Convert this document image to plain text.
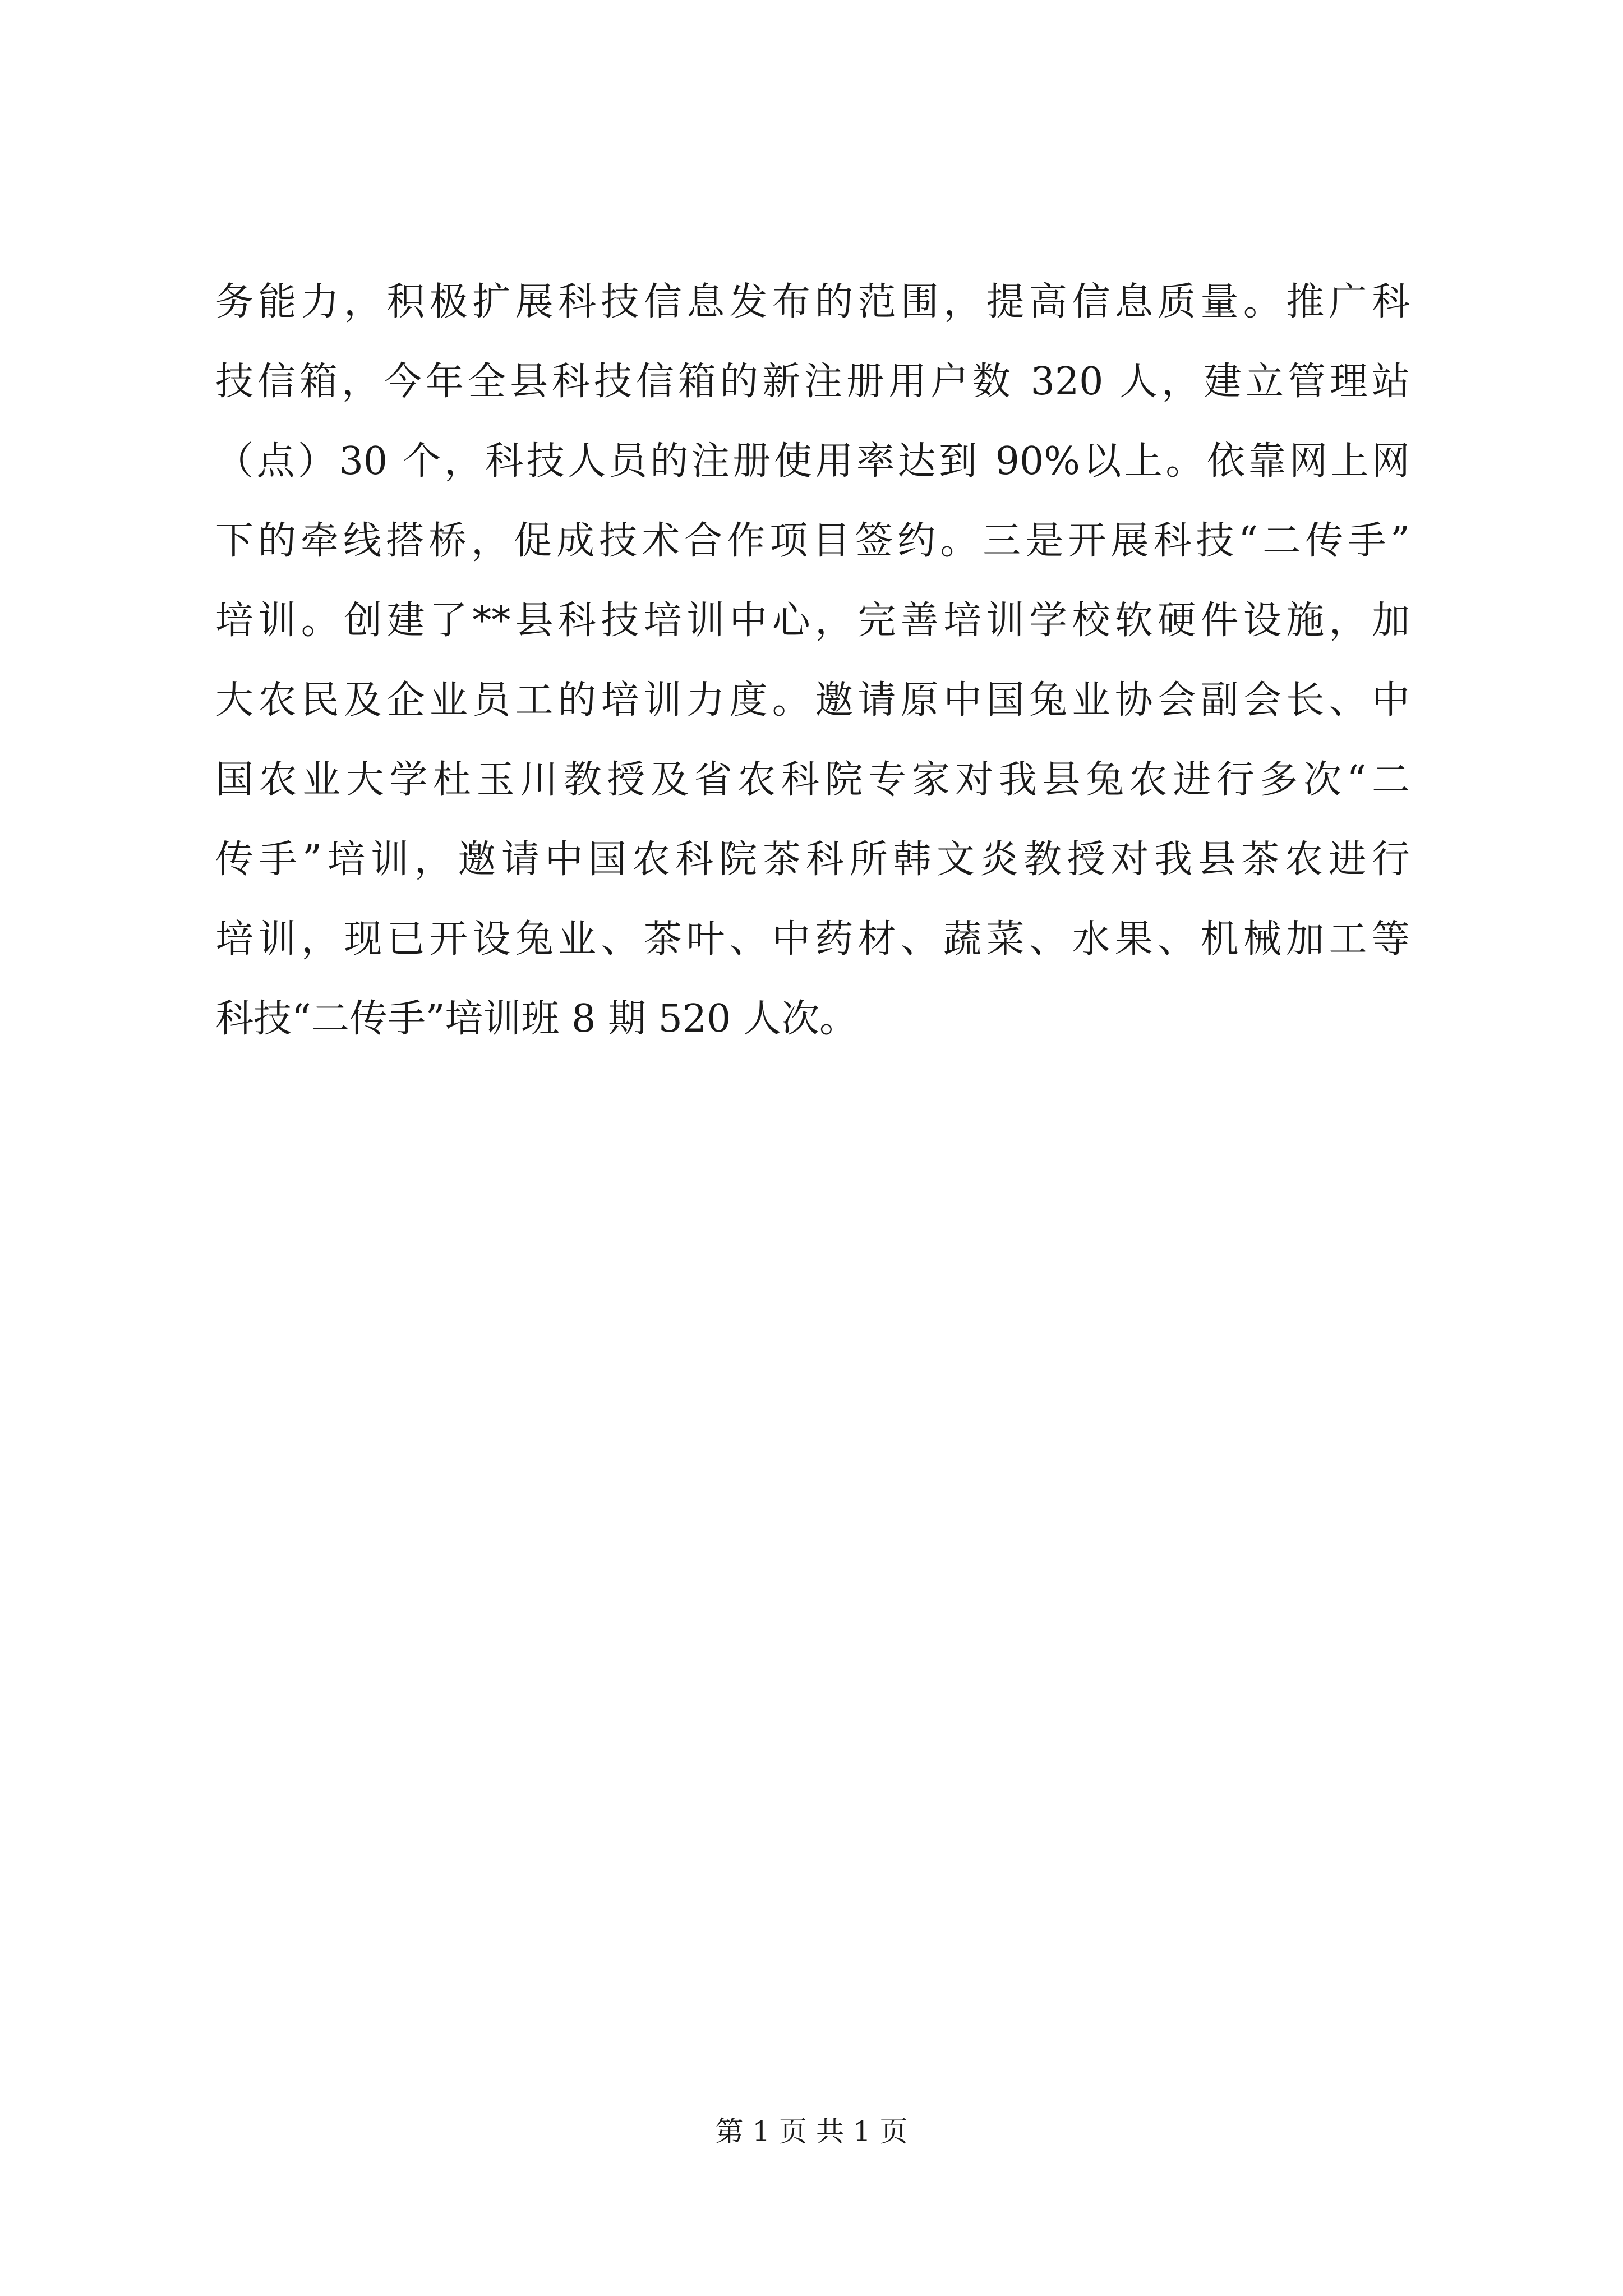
务能力，积极扩展科技信息发布的范围，提高信息质量。推广科
技信箱，今年全县科技信箱的新注册用户数 320 人，建立管理站
（点）30 个，科技人员的注册使用率达到 90%以上。依靠网上网
下的牵线搭桥，促成技术合作项目签约。三是开展科技“二传手”
培训。创建了**县科技培训中心，完善培训学校软硬件设施，加
大农民及企业员工的培训力度。邀请原中国兔业协会副会长、中
国农业大学杜玉川教授及省农科院专家对我县兔农进行多次“二
传手”培训，邀请中国农科院茶科所韩文炎教授对我县茶农进行
培训，现已开设兔业、茶叶、中药材、蔬菜、水果、机械加工等
科技“二传手”培训班 8 期 520 人次。
第 1 页 共 1 页
